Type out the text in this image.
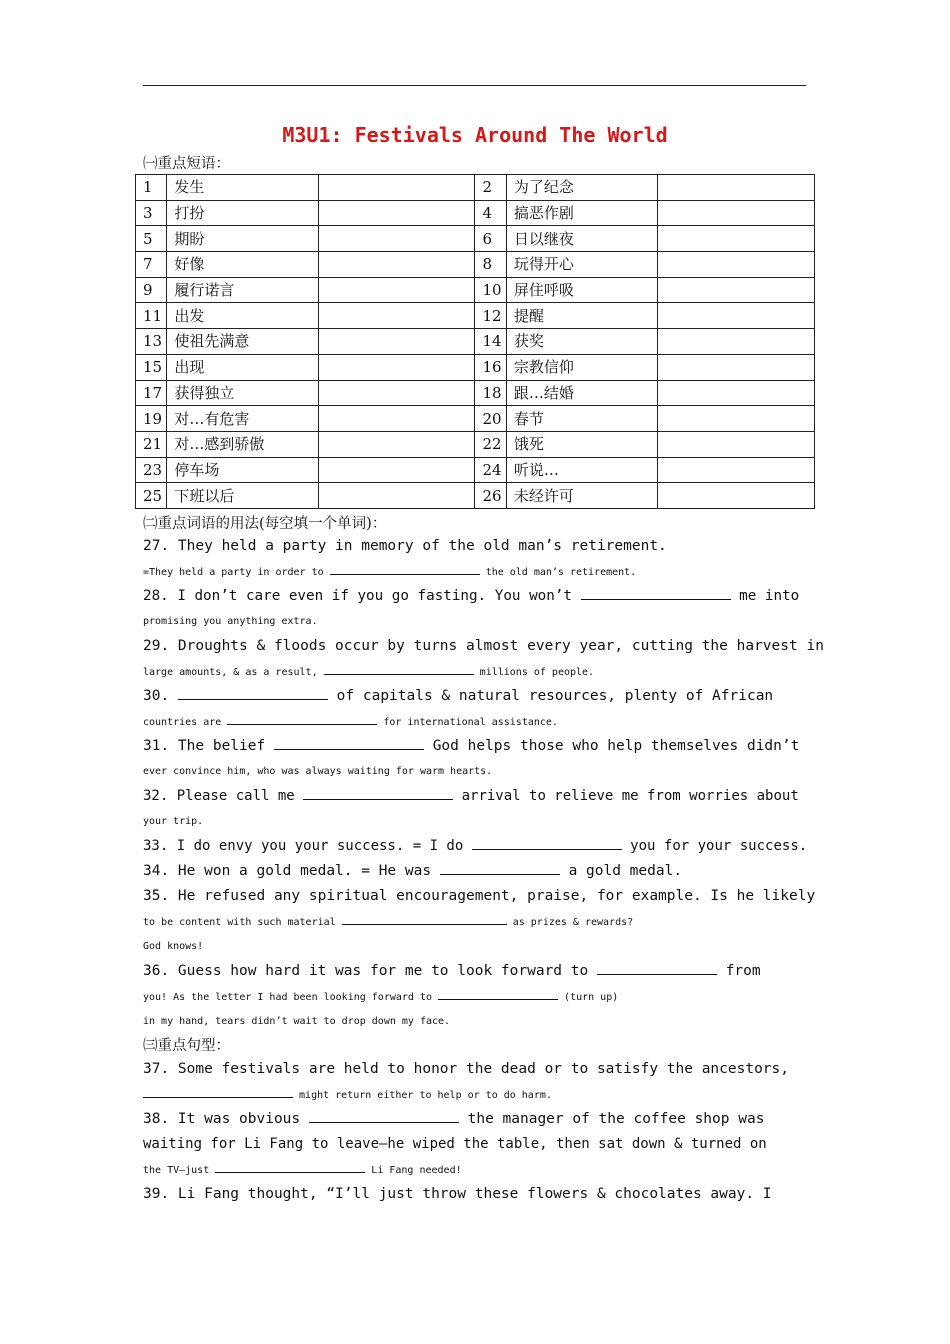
M3U1: Festivals Around The World
㈠重点短语：
1	发生		2	为了纪念	
3	打扮		4	搞恶作剧	
5	期盼		6	日以继夜	
7	好像		8	玩得开心	
9	履行诺言		10	屏住呼吸	
11	出发		12	提醒	
13	使祖先满意		14	获奖	
15	出现		16	宗教信仰	
17	获得独立		18	跟…结婚	
19	对…有危害		20	春节	
21	对…感到骄傲		22	饿死	
23	停车场		24	听说…	
25	下班以后		26	未经许可	
㈡重点词语的用法(每空填一个单词)：
27. They held a party in memory of the old man’s retirement.
=They held a party in order to	the old man’s retirement.
28. I don’t care even if you go fasting. You won’t	me into
promising you anything extra.
29. Droughts & floods occur by turns almost every year, cutting the harvest in
large amounts, & as a result,	millions of people.
30.	of capitals & natural resources, plenty of African
countries are	for international assistance.
31. The belief	God helps those who help themselves didn’t
ever convince him, who was always waiting for warm hearts.
32. Please call me	arrival to relieve me from worries about
your trip.
33. I do envy you your success. = I do	you for your success.
34. He won a gold medal. = He was	a gold medal.
35. He refused any spiritual encouragement, praise, for example. Is he likely
to be content with such material	as prizes & rewards?
God knows!
36. Guess how hard it was for me to look forward to	from
you! As the letter I had been looking forward to	(turn up)
in my hand, tears didn’t wait to drop down my face.
㈢重点句型：
37. Some festivals are held to honor the dead or to satisfy the ancestors,
might return either to help or to do harm.
38. It was obvious	the manager of the coffee shop was
waiting for Li Fang to leave—he wiped the table, then sat down & turned on
the TV—just	Li Fang needed!
39. Li Fang thought, “I’ll just throw these flowers & chocolates away. I
